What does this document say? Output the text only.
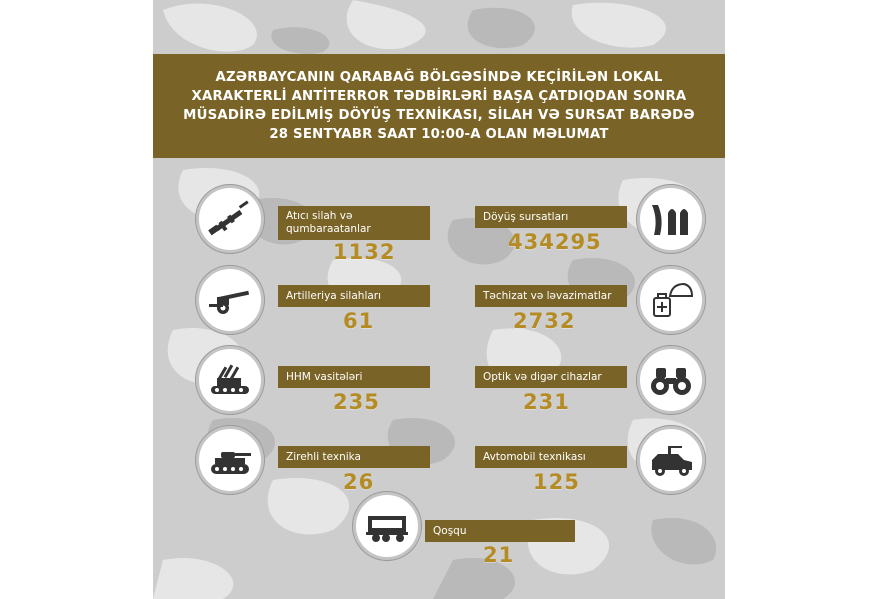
AZƏRBAYCANIN QARABAĞ BÖLGƏSİNDƏ KEÇİRİLƏN LOKAL XARAKTERLİ ANTİTERROR TƏDBİRLƏRİ BAŞA ÇATDIQDAN SONRA MÜSADİRƏ EDİLMİŞ DÖYÜŞ TEXNİKASI, SİLAH VƏ SURSAT BARƏDƏ 28 SENTYABR SAAT 10:00-A OLAN MƏLUMAT

Atıcı silah və qumbaraatanlar
1132
Döyüş sursatları
434295
Artilleriya silahları
61
Təchizat və ləvazimatlar
2732
HHM vasitələri
235
Optik və digər cihazlar
231
Zirehli texnika
26
Avtomobil texnikası
125
Qoşqu
21
